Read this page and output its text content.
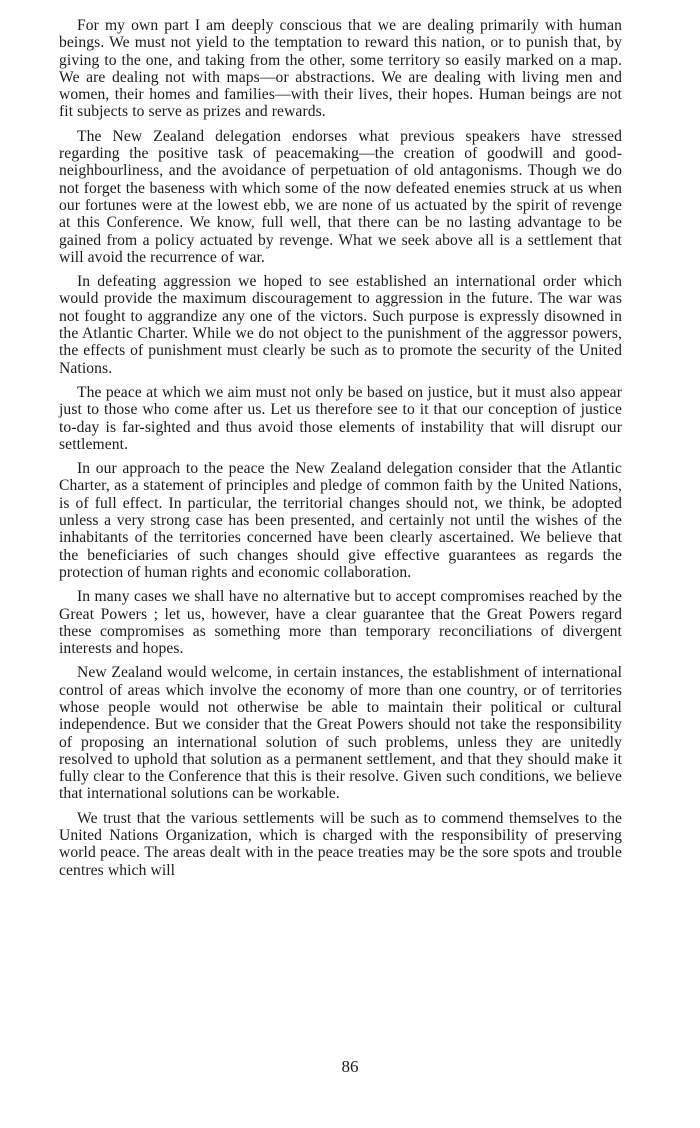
For my own part I am deeply conscious that we are dealing primarily with human beings. We must not yield to the temptation to reward this nation, or to punish that, by giving to the one, and taking from the other, some territory so easily marked on a map. We are dealing not with maps—or abstractions. We are dealing with living men and women, their homes and families—with their lives, their hopes. Human beings are not fit subjects to serve as prizes and rewards.

The New Zealand delegation endorses what previous speakers have stressed regarding the positive task of peacemaking—the creation of goodwill and good-neighbourliness, and the avoidance of perpetuation of old antagonisms. Though we do not forget the baseness with which some of the now defeated enemies struck at us when our fortunes were at the lowest ebb, we are none of us actuated by the spirit of revenge at this Conference. We know, full well, that there can be no lasting advantage to be gained from a policy actuated by revenge. What we seek above all is a settlement that will avoid the recurrence of war.

In defeating aggression we hoped to see established an international order which would provide the maximum discouragement to aggression in the future. The war was not fought to aggrandize any one of the victors. Such purpose is expressly disowned in the Atlantic Charter. While we do not object to the punishment of the aggressor powers, the effects of punishment must clearly be such as to promote the security of the United Nations.

The peace at which we aim must not only be based on justice, but it must also appear just to those who come after us. Let us therefore see to it that our conception of justice to-day is far-sighted and thus avoid those elements of instability that will disrupt our settlement.

In our approach to the peace the New Zealand delegation consider that the Atlantic Charter, as a statement of principles and pledge of common faith by the United Nations, is of full effect. In particular, the territorial changes should not, we think, be adopted unless a very strong case has been presented, and certainly not until the wishes of the inhabitants of the territories concerned have been clearly ascertained. We believe that the beneficiaries of such changes should give effective guarantees as regards the protection of human rights and economic collaboration.

In many cases we shall have no alternative but to accept compromises reached by the Great Powers ; let us, however, have a clear guarantee that the Great Powers regard these compromises as something more than temporary reconciliations of divergent interests and hopes.

New Zealand would welcome, in certain instances, the establishment of international control of areas which involve the economy of more than one country, or of territories whose people would not otherwise be able to maintain their political or cultural independence. But we consider that the Great Powers should not take the responsibility of proposing an international solution of such problems, unless they are unitedly resolved to uphold that solution as a permanent settlement, and that they should make it fully clear to the Conference that this is their resolve. Given such conditions, we believe that international solutions can be workable.

We trust that the various settlements will be such as to commend themselves to the United Nations Organization, which is charged with the responsibility of preserving world peace. The areas dealt with in the peace treaties may be the sore spots and trouble centres which will

86
